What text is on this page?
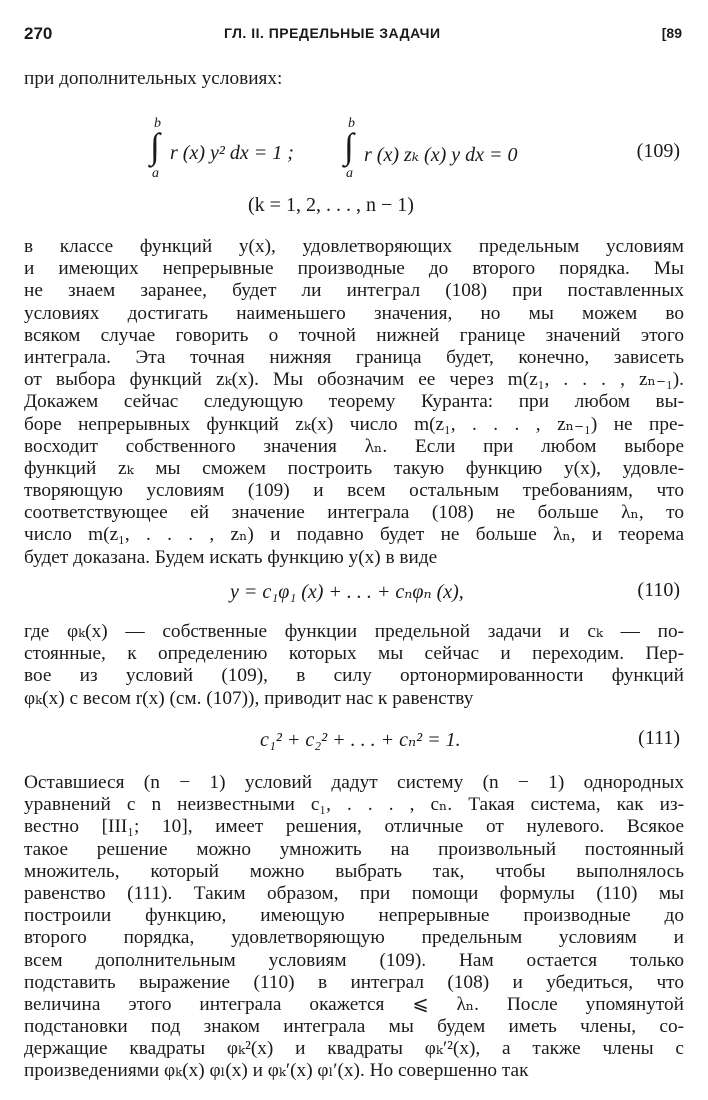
270	ГЛ. II. ПРЕДЕЛЬНЫЕ ЗАДАЧИ	[89
при дополнительных условиях:
b
∫
a
r (x) y² dx = 1 ;
b
∫
a
r (x) zₖ (x) y dx = 0	(109)
(k = 1, 2, . . . , n − 1)
в классе функций y(x), удовлетворяющих предельным условиям
и имеющих непрерывные производные до второго порядка. Мы
не знаем заранее, будет ли интеграл (108) при поставленных
условиях достигать наименьшего значения, но мы можем во
всяком случае говорить о точной нижней границе значений этого
интеграла. Эта точная нижняя граница будет, конечно, зависеть
от выбора функций zₖ(x). Мы обозначим ее через m(z₁, . . . , zₙ₋₁).
Докажем сейчас следующую теорему Куранта: при любом вы-
боре непрерывных функций zₖ(x) число m(z₁, . . . , zₙ₋₁) не пре-
восходит собственного значения λₙ. Если при любом выборе
функций zₖ мы сможем построить такую функцию y(x), удовле-
творяющую условиям (109) и всем остальным требованиям, что
соответствующее ей значение интеграла (108) не больше λₙ, то
число m(z₁, . . . , zₙ) и подавно будет не больше λₙ, и теорема
будет доказана. Будем искать функцию y(x) в виде
y = c₁φ₁ (x) + . . . + cₙφₙ (x),	(110)
где φₖ(x) — собственные функции предельной задачи и cₖ — по-
стоянные, к определению которых мы сейчас и переходим. Пер-
вое из условий (109), в силу ортонормированности функций
φₖ(x) с весом r(x) (см. (107)), приводит нас к равенству
c₁² + c₂² + . . . + cₙ² = 1.	(111)
Оставшиеся (n − 1) условий дадут систему (n − 1) однородных
уравнений с n неизвестными c₁, . . . , cₙ. Такая система, как из-
вестно [III₁; 10], имеет решения, отличные от нулевого. Всякое
такое решение можно умножить на произвольный постоянный
множитель, который можно выбрать так, чтобы выполнялось
равенство (111). Таким образом, при помощи формулы (110) мы
построили функцию, имеющую непрерывные производные до
второго порядка, удовлетворяющую предельным условиям и
всем дополнительным условиям (109). Нам остается только
подставить выражение (110) в интеграл (108) и убедиться, что
величина этого интеграла окажется ⩽ λₙ. После упомянутой
подстановки под знаком интеграла мы будем иметь члены, со-
держащие квадраты φₖ²(x) и квадраты φₖ′²(x), а также члены с
произведениями φₖ(x) φₗ(x) и φₖ′(x) φₗ′(x). Но совершенно так
